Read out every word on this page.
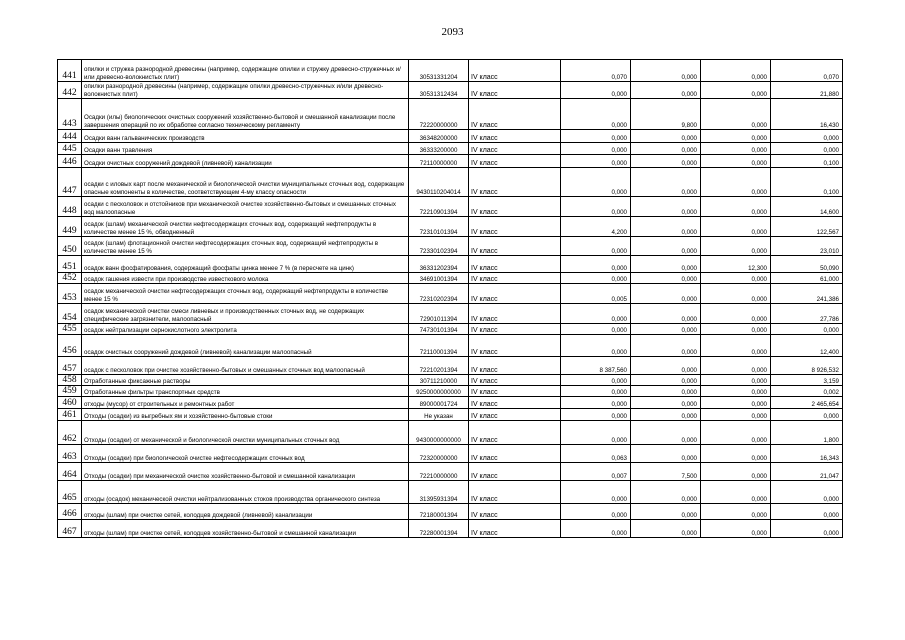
2093
441	опилки и стружка разнородной древесины (например, содержащие опилки и стружку древесно-стружечных и/или древесно-волокнистых плит)	30531331204	IV класс	0,070	0,000	0,000	0,070
442	опилки разнородной древесины (например, содержащие опилки древесно-стружечных и/или древесно-волокнистых плит)	30531312434	IV класс	0,000	0,000	0,000	21,880
443	Осадки (илы) биологических очистных сооружений хозяйственно-бытовой и смешанной канализации после завершения операций по их обработке согласно техническому регламенту	72220000000	IV класс	0,000	9,800	0,000	16,430
444	Осадки ванн гальванических производств	36348200000	IV класс	0,000	0,000	0,000	0,000
445	Осадки ванн травления	36333200000	IV класс	0,000	0,000	0,000	0,000
446	Осадки очистных сооружений дождевой (ливневой) канализации	72110000000	IV класс	0,000	0,000	0,000	0,100
447	осадки с иловых карт после механической и биологической очистки муниципальных сточных вод, содержащие опасные компоненты в количестве, соответствующем 4-му классу опасности	9430110204014	IV класс	0,000	0,000	0,000	0,100
448	осадки с песколовок и отстойников при механической очистке хозяйственно-бытовых и смешанных сточных вод малоопасные	72210901394	IV класс	0,000	0,000	0,000	14,600
449	осадок (шлам) механической очистки нефтесодержащих сточных вод, содержащий нефтепродукты в количестве менее 15 %, обводненный	72310101394	IV класс	4,200	0,000	0,000	122,567
450	осадок (шлам) флотационной очистки нефтесодержащих сточных вод, содержащий нефтепродукты в количестве менее 15 %	72330102394	IV класс	0,000	0,000	0,000	23,010
451	осадок ванн фосфатирования, содержащий фосфаты цинка менее 7 % (в пересчете на цинк)	36331202394	IV класс	0,000	0,000	12,300	50,090
452	осадок гашения извести при производстве известкового молока	34691001394	IV класс	0,000	0,000	0,000	61,000
453	осадок механической очистки нефтесодержащих сточных вод, содержащий нефтепродукты в количестве менее 15 %	72310202394	IV класс	0,005	0,000	0,000	241,386
454	осадок механической очистки смеси ливневых и производственных сточных вод, не содержащих специфические загрязнители, малоопасный	72901011394	IV класс	0,000	0,000	0,000	27,786
455	осадок нейтрализации сернокислотного электролита	74730101394	IV класс	0,000	0,000	0,000	0,000
456	осадок очистных сооружений дождевой (ливневой) канализации малоопасный	72110001394	IV класс	0,000	0,000	0,000	12,400
457	осадок с песколовок при очистке хозяйственно-бытовых и смешанных сточных вод малоопасный	72210201394	IV класс	8 387,560	0,000	0,000	8 926,532
458	Отработанные фиксажные растворы	30711210000	IV класс	0,000	0,000	0,000	3,159
459	Отработанные фильтры транспортных средств	9250000000000	IV класс	0,000	0,000	0,000	0,002
460	отходы (мусор) от строительных и ремонтных работ	89000001724	IV класс	0,000	0,000	0,000	2 465,654
461	Отходы (осадки) из выгребных ям и хозяйственно-бытовые стоки	Не указан	IV класс	0,000	0,000	0,000	0,000
462	Отходы (осадки) от механической и биологической очистки муниципальных сточных вод	9430000000000	IV класс	0,000	0,000	0,000	1,800
463	Отходы (осадки) при биологической очистке нефтесодержащих сточных вод	72320000000	IV класс	0,063	0,000	0,000	16,343
464	Отходы (осадки) при механической очистке хозяйственно-бытовой и смешанной канализации	72210000000	IV класс	0,007	7,500	0,000	21,047
465	отходы (осадок) механической очистки нейтрализованных стоков производства органического синтеза	31395931394	IV класс	0,000	0,000	0,000	0,000
466	отходы (шлам) при очистке сетей, колодцев дождевой (ливневой) канализации	72180001394	IV класс	0,000	0,000	0,000	0,000
467	отходы (шлам) при очистке сетей, колодцев хозяйственно-бытовой и смешанной канализации	72280001394	IV класс	0,000	0,000	0,000	0,000
